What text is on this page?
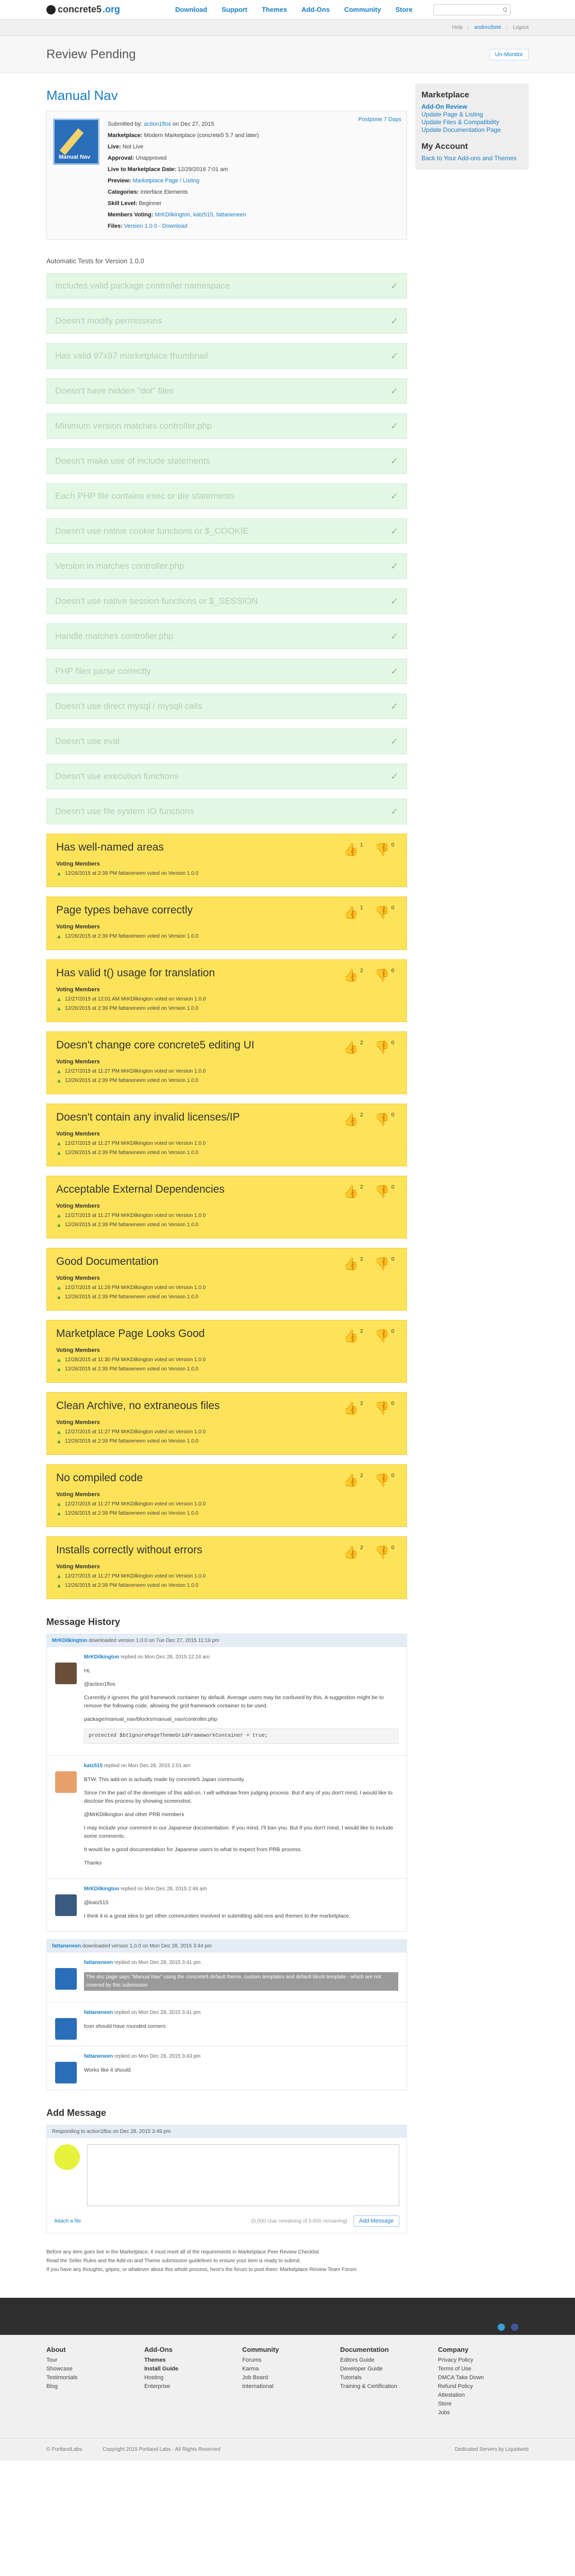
concrete5 .org	Download Support Themes Add-Ons Community Store	Q
Help | andreci5ete | Logout
Review Pending	Un-Monitor
Manual Nav
Manual Nav
Submitted by: action1flos on Dec 27, 2015
Marketplace: Modern Marketplace (concrete5 5.7 and later)
Live: Not Live
Approval: Unapproved
Live to Marketplace Date: 12/29/2016 7:01 am
Preview: Marketplace Page / Listing
Categories: Interface Elements
Skill Level: Beginner
Members Voting: MrKDilkington, katz515, fattaneneen
Files: Version 1.0.0 - Download
Postpone 7 Days
Automatic Tests for Version 1.0.0
Includes valid package controller namespace	✓
Doesn't modify permissions	✓
Has valid 97x97 marketplace thumbnail	✓
Doesn't have hidden "dot" files	✓
Minimum version matches controller.php	✓
Doesn't make use of include statements	✓
Each PHP file contains exec or die statements	✓
Doesn't use native cookie functions or $_COOKIE	✓
Version in matches controller.php	✓
Doesn't use native session functions or $_SESSION	✓
Handle matches controller.php	✓
PHP files parse correctly	✓
Doesn't use direct mysql / mysqli calls	✓
Doesn't use eval	✓
Doesn't use execution functions	✓
Doesn't use file system IO functions	✓
Has well-named areas	👍 1 👎 0
Voting Members
▲ 12/26/2015 at 2:39 PM fattaneneen voted on Version 1.0.0
Page types behave correctly	👍 1 👎 0
Voting Members
▲ 12/26/2015 at 2:39 PM fattaneneen voted on Version 1.0.0
Has valid t() usage for translation	👍 2 👎 0
Voting Members
▲ 12/27/2015 at 12:01 AM MrKDilkington voted on Version 1.0.0
▲ 12/26/2015 at 2:39 PM fattaneneen voted on Version 1.0.0
Doesn't change core concrete5 editing UI	👍 2 👎 0
Voting Members
▲ 12/27/2015 at 11:27 PM MrKDilkington voted on Version 1.0.0
▲ 12/26/2015 at 2:39 PM fattaneneen voted on Version 1.0.0
Doesn't contain any invalid licenses/IP	👍 2 👎 0
Voting Members
▲ 12/27/2015 at 11:27 PM MrKDilkington voted on Version 1.0.0
▲ 12/26/2015 at 2:39 PM fattaneneen voted on Version 1.0.0
Acceptable External Dependencies	👍 2 👎 0
Voting Members
▲ 12/27/2015 at 11:27 PM MrKDilkington voted on Version 1.0.0
▲ 12/26/2015 at 2:39 PM fattaneneen voted on Version 1.0.0
Good Documentation	👍 2 👎 0
Voting Members
▲ 12/27/2015 at 11:29 PM MrKDilkington voted on Version 1.0.0
▲ 12/26/2015 at 2:39 PM fattaneneen voted on Version 1.0.0
Marketplace Page Looks Good	👍 2 👎 0
Voting Members
▲ 12/28/2015 at 11:30 PM MrKDilkington voted on Version 1.0.0
▲ 12/26/2015 at 2:39 PM fattaneneen voted on Version 1.0.0
Clean Archive, no extraneous files	👍 2 👎 0
Voting Members
▲ 12/27/2015 at 11:27 PM MrKDilkington voted on Version 1.0.0
▲ 12/26/2015 at 2:39 PM fattaneneen voted on Version 1.0.0
No compiled code	👍 2 👎 0
Voting Members
▲ 12/27/2015 at 11:27 PM MrKDilkington voted on Version 1.0.0
▲ 12/26/2015 at 2:39 PM fattaneneen voted on Version 1.0.0
Installs correctly without errors	👍 2 👎 0
Voting Members
▲ 12/27/2015 at 11:27 PM MrKDilkington voted on Version 1.0.0
▲ 12/26/2015 at 2:39 PM fattaneneen voted on Version 1.0.0
Message History
MrKDilkington downloaded version 1.0.0 on Tue Dec 27, 2015 11:19 pm
MrKDilkington replied on Mon Dec 28, 2015 12:24 am

Hi,

@action1flos

Currently it ignores the grid framework container by default. Average users may be confused by this. A suggestion might be to remove the following code, allowing the grid framework container to be used.

package/manual_nav/blocks/manual_nav/controller.php

protected $btIgnorePageThemeGridFrameworkContainer = true;
katz515 replied on Mon Dec 28, 2015 2:01 am

BTW. This add-on is actually made by concrete5 Japan community.

Since I'm the part of the developer of this add-on. I will withdraw from judging process. But if any of you don't mind, I would like to disclose this process by showing screenshot.

@MrKDilkington and other PRB members

I may include your comment in our Japanese documentation. If you mind, I'll ban you. But if you don't mind, I would like to include some comments.

It would be a good documentation for Japanese users to what to expect from PRB process.

Thanks

MrKDilkington replied on Mon Dec 28, 2015 2:46 am

@katz515

I think it is a great idea to get other communities involved in submitting add-ons and themes to the marketplace.

fattaneneen downloaded version 1.0.0 on Mon Dec 28, 2015 3:44 pm
fattaneneen replied on Mon Dec 28, 2015 3:41 pm
The doc page says "Manual Nav" using the concrete5 default theme, custom templates and default block template - which are not covered by this submission
fattaneneen replied on Mon Dec 28, 2015 3:41 pm

Icon should have rounded corners

fattaneneen replied on Mon Dec 28, 2015 3:43 pm

Works like it should.

Add Message
Responding to action1flos on Dec 28, 2015 3:49 pm
Attach a file	(5,000 char remaining of 5,000 remaining)	Add Message
Before any item goes live in the Marketplace, it must meet all of the requirements in Marketplace Peer Review Checklist
Read the Seller Rules and the Add-on and Theme submission guidelines to ensure your item is ready to submit.
If you have any thoughts, gripes, or whatever about this whole process, here's the forum to post them: Marketplace Review Team Forum
Marketplace
Add-On Review
Update Page & Listing
Update Files & Compatibility
Update Documentation Page
My Account
Back to Your Add-ons and Themes
About
Tour
Showcase
Testimonials
Blog
Add-Ons
Themes
Install Guide
Hosting
Enterprise
Community
Forums
Karma
Job Board
International
Documentation
Editors Guide
Developer Guide
Tutorials
Training & Certification
Company
Privacy Policy
Terms of Use
DMCA Take Down
Refund Policy
Attestation
Store
Jobs
© PortlandLabs	Copyright 2015 Portland Labs · All Rights Reserved	Dedicated Servers by Liquidweb
